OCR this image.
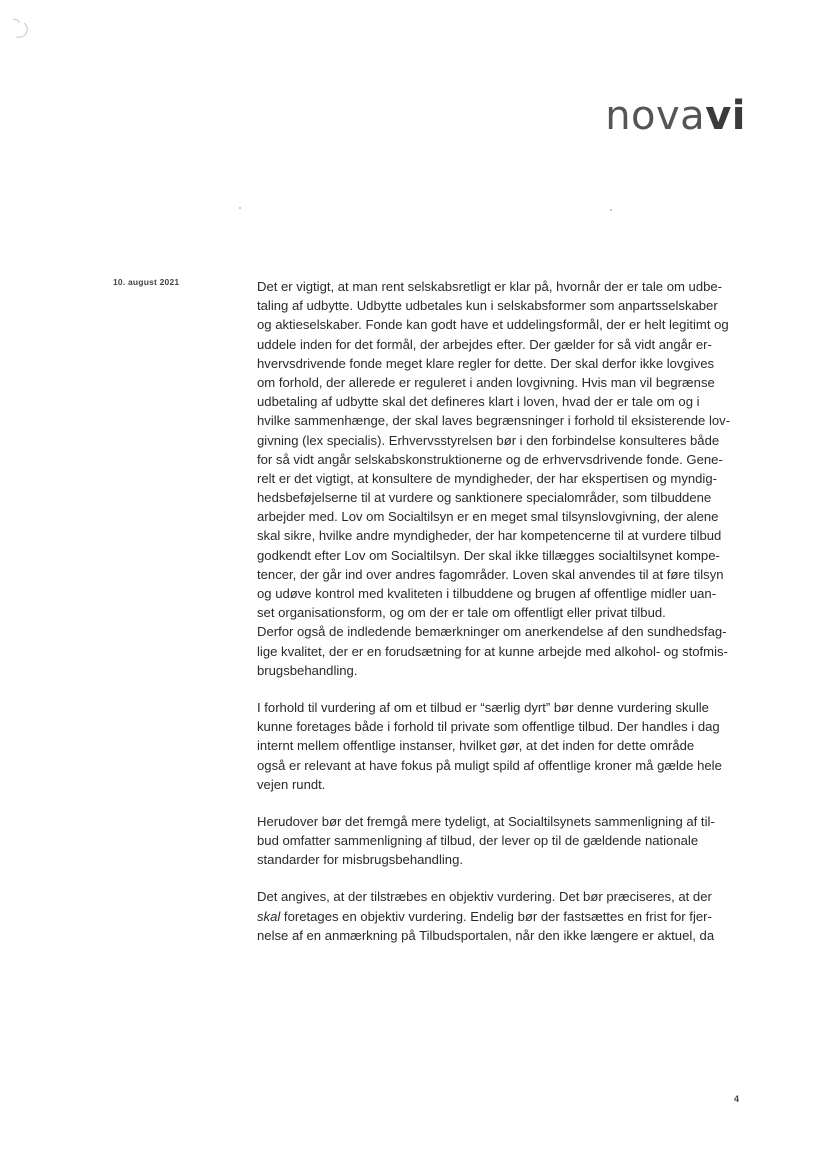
novavi
10. august 2021	Det er vigtigt, at man rent selskabsretligt er klar på, hvornår der er tale om udbe-
taling af udbytte. Udbytte udbetales kun i selskabsformer som anpartsselskaber
og aktieselskaber. Fonde kan godt have et uddelingsformål, der er helt legitimt og
uddele inden for det formål, der arbejdes efter. Der gælder for så vidt angår er-
hvervsdrivende fonde meget klare regler for dette. Der skal derfor ikke lovgives
om forhold, der allerede er reguleret i anden lovgivning. Hvis man vil begrænse
udbetaling af udbytte skal det defineres klart i loven, hvad der er tale om og i
hvilke sammenhænge, der skal laves begrænsninger i forhold til eksisterende lov-
givning (lex specialis). Erhvervsstyrelsen bør i den forbindelse konsulteres både
for så vidt angår selskabskonstruktionerne og de erhvervsdrivende fonde. Gene-
relt er det vigtigt, at konsultere de myndigheder, der har ekspertisen og myndig-
hedsbeføjelserne til at vurdere og sanktionere specialområder, som tilbuddene
arbejder med. Lov om Socialtilsyn er en meget smal tilsynslovgivning, der alene
skal sikre, hvilke andre myndigheder, der har kompetencerne til at vurdere tilbud
godkendt efter Lov om Socialtilsyn. Der skal ikke tillægges socialtilsynet kompe-
tencer, der går ind over andres fagområder. Loven skal anvendes til at føre tilsyn
og udøve kontrol med kvaliteten i tilbuddene og brugen af offentlige midler uan-
set organisationsform, og om der er tale om offentligt eller privat tilbud.
Derfor også de indledende bemærkninger om anerkendelse af den sundhedsfag-
lige kvalitet, der er en forudsætning for at kunne arbejde med alkohol- og stofmis-
brugsbehandling.
I forhold til vurdering af om et tilbud er “særlig dyrt” bør denne vurdering skulle
kunne foretages både i forhold til private som offentlige tilbud. Der handles i dag
internt mellem offentlige instanser, hvilket gør, at det inden for dette område
også er relevant at have fokus på muligt spild af offentlige kroner må gælde hele
vejen rundt.
Herudover bør det fremgå mere tydeligt, at Socialtilsynets sammenligning af til-
bud omfatter sammenligning af tilbud, der lever op til de gældende nationale
standarder for misbrugsbehandling.
Det angives, at der tilstræbes en objektiv vurdering. Det bør præciseres, at der
skal foretages en objektiv vurdering. Endelig bør der fastsættes en frist for fjer-
nelse af en anmærkning på Tilbudsportalen, når den ikke længere er aktuel, da
4
